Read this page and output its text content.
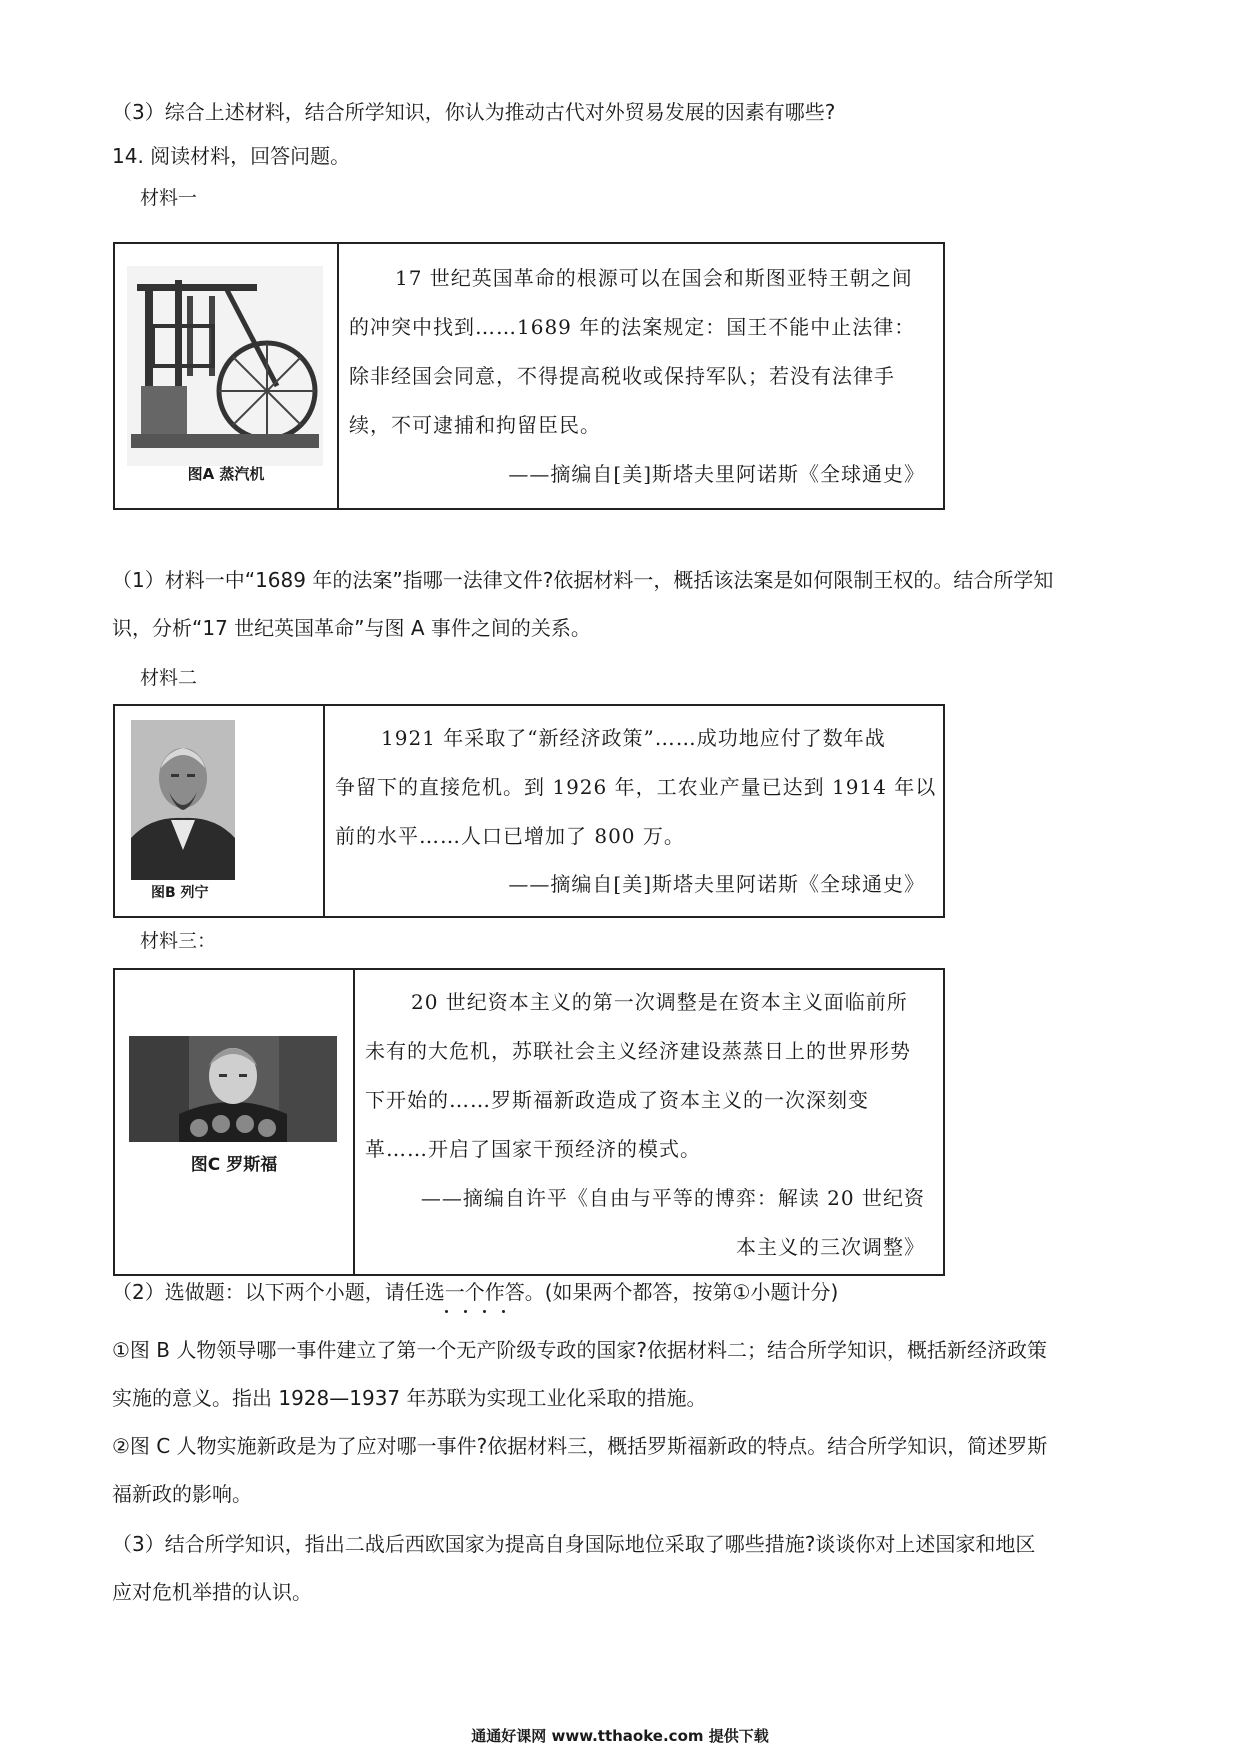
（3）综合上述材料，结合所学知识，你认为推动古代对外贸易发展的因素有哪些?
14. 阅读材料，回答问题。
材料一
图A 蒸汽机
17 世纪英国革命的根源可以在国会和斯图亚特王朝之间
的冲突中找到……1689 年的法案规定：国王不能中止法律：
除非经国会同意，不得提高税收或保持军队；若没有法律手
续，不可逮捕和拘留臣民。
——摘编自[美]斯塔夫里阿诺斯《全球通史》
（1）材料一中“1689 年的法案”指哪一法律文件?依据材料一，概括该法案是如何限制王权的。结合所学知
识，分析“17 世纪英国革命”与图 A 事件之间的关系。
材料二
图B 列宁
1921 年采取了“新经济政策”……成功地应付了数年战
争留下的直接危机。到 1926 年，工农业产量已达到 1914 年以
前的水平……人口已增加了 800 万。
——摘编自[美]斯塔夫里阿诺斯《全球通史》
材料三：
图C 罗斯福
20 世纪资本主义的第一次调整是在资本主义面临前所
未有的大危机，苏联社会主义经济建设蒸蒸日上的世界形势
下开始的……罗斯福新政造成了资本主义的一次深刻变
革……开启了国家干预经济的模式。
——摘编自许平《自由与平等的博弈：解读 20 世纪资
本主义的三次调整》
（2）选做题：以下两个小题，请任选一个作答。(如果两个都答，按第①小题计分)
①图 B 人物领导哪一事件建立了第一个无产阶级专政的国家?依据材料二；结合所学知识，概括新经济政策
实施的意义。指出 1928—1937 年苏联为实现工业化采取的措施。
②图 C 人物实施新政是为了应对哪一事件?依据材料三，概括罗斯福新政的特点。结合所学知识，简述罗斯
福新政的影响。
（3）结合所学知识，指出二战后西欧国家为提高自身国际地位采取了哪些措施?谈谈你对上述国家和地区
应对危机举措的认识。
通通好课网 www.tthaoke.com 提供下载
